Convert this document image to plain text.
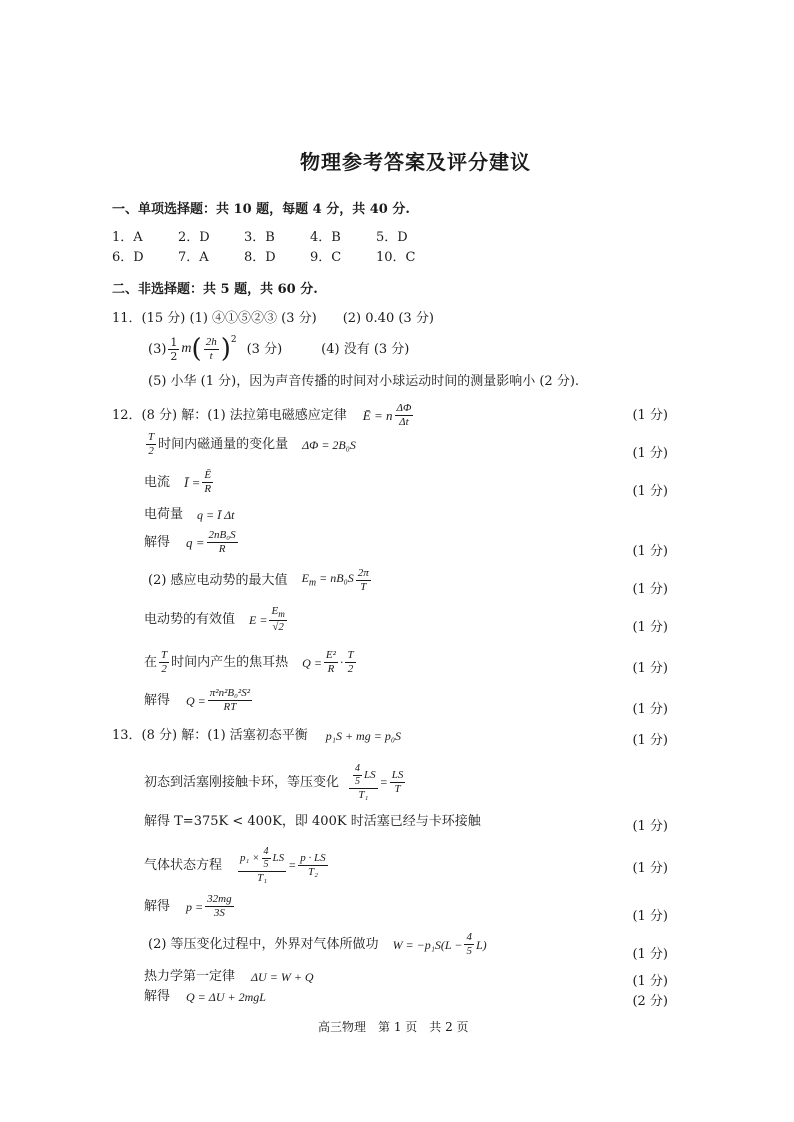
物理参考答案及评分建议
一、单项选择题：共 10 题，每题 4 分，共 40 分.
1．A	2．D	3．B	4．B	5．D
6．D	7．A	8．D	9．C	10．C
二、非选择题：共 5 题，共 60 分.
11．(15 分) (1) ④①⑤②③ (3 分)　　(2) 0.40 (3 分)
$(3) \frac{1}{2}$ m ( $\frac{2h}{t} )^2$
(3 分)　　　(4) 没有 (3 分)
(5) 小华 (1 分)，因为声音传播的时间对小球运动时间的测量影响小 (2 分).
12．(8 分) 解：(1) 法拉第电磁感应定律 Ē = n $\frac{\Delta\Phi}{\Delta t}$	(1 分)
$\frac{T}{2}$ 时间内磁通量的变化量 ΔΦ = 2B₀S
(1 分)
电流 Ī = $\frac{Ē}{R}$	(1 分)
电荷量 q = Ī Δt
解得 $q = \frac{\text{2nB₀S}}{R}$	(1 分)
(2) 感应电动势的最大值 $E_m = nB_0S \frac{2\pi}{T}$	(1 分)
电动势的有效值 $E = \frac{E_m}{√2}$	(1 分)
在 $\frac{T}{2}$ 时间内产生的焦耳热 $Q = \frac{\text{E²}}{R} \cdot \frac{T}{2}$	(1 分)
解得 $Q = \frac{\text{π²n²B₀²S²}}{RT}$	(1 分)
13．(8 分) 解：(1) 活塞初态平衡 p₁S + mg = p₀S	(1 分)
初态到活塞刚接触卡环，等压变化 $\frac{\frac{4}{5} LS}{\text{T₁}} = \frac{LS}{T}$
解得 T=375K < 400K，即 400K 时活塞已经与卡环接触	(1 分)
气体状态方程 $\frac{p_1 \times \frac{4}{5} LS}{\text{T₁}} = \frac{p \cdot LS}{\text{T₂}}$	(1 分)
解得 $p = \frac{32mg}{3S}$	(1 分)
(2) 等压变化过程中，外界对气体所做功 $W = -p_1S(L - \frac{4}{5} L)$
(1 分)
热力学第一定律 ΔU = W + Q	(1 分)
解得 Q = ΔU + 2mgL	(2 分)
高三物理　第 1 页　共 2 页
